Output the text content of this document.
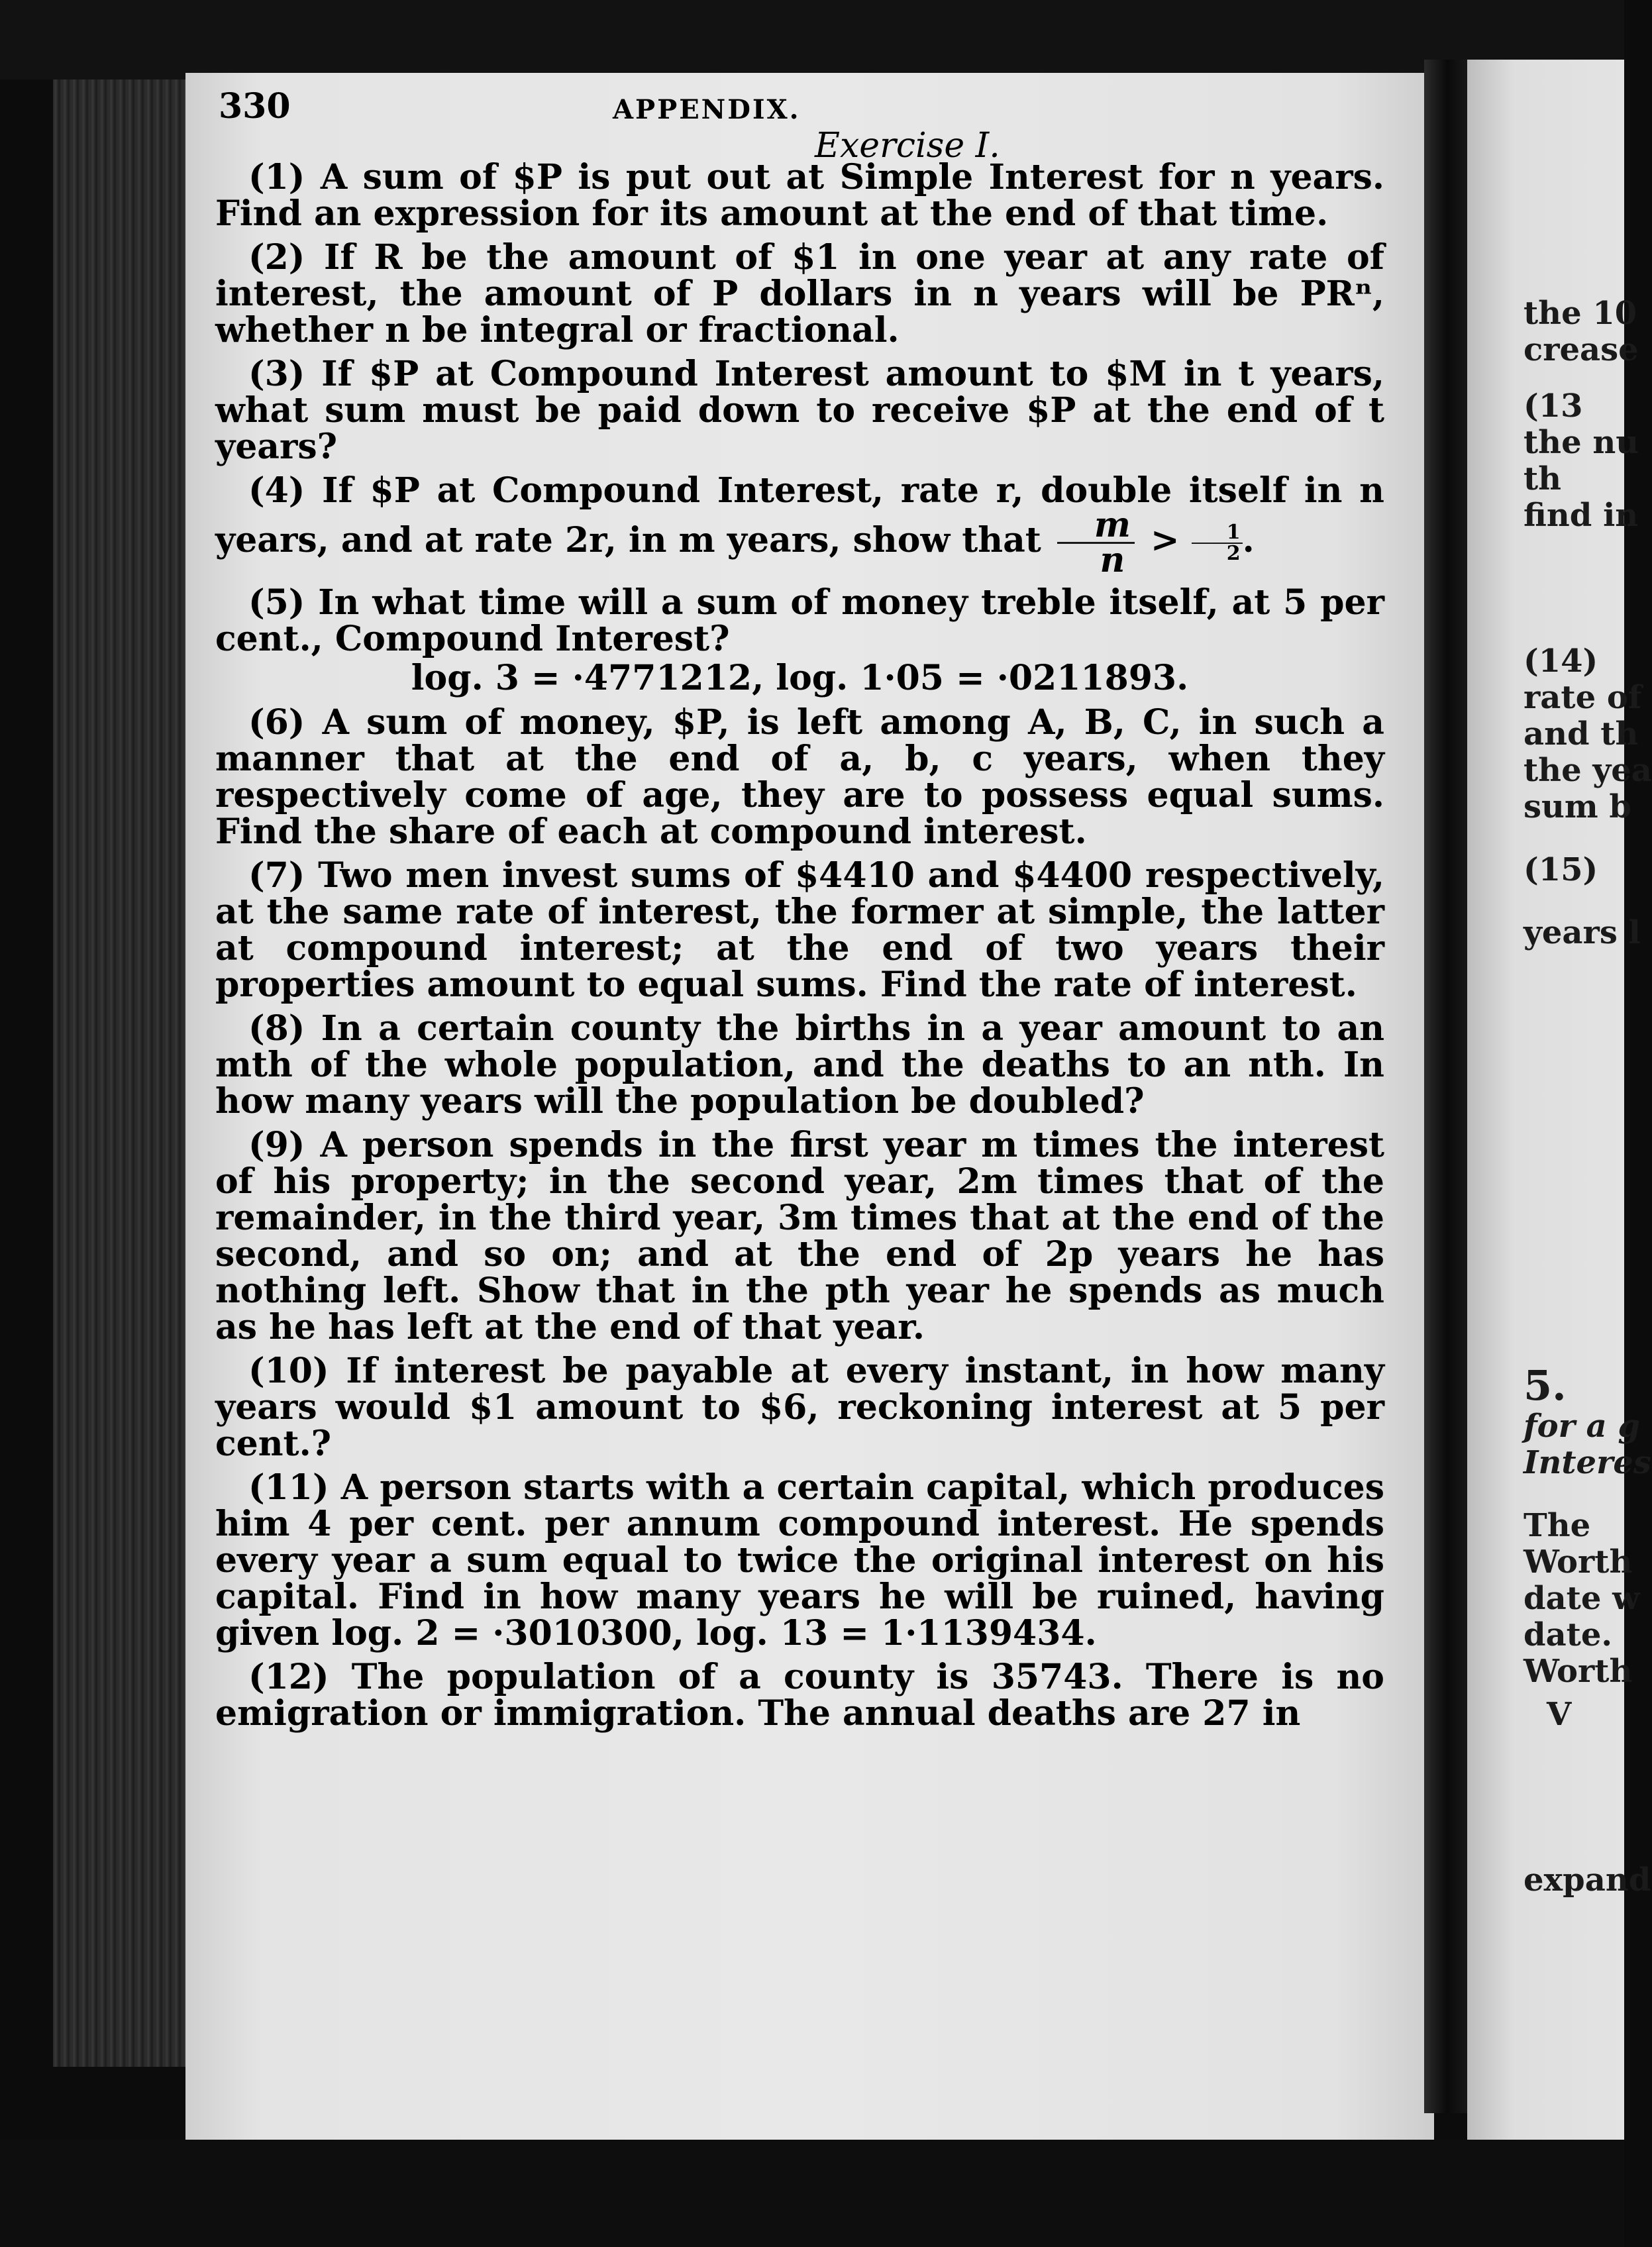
330	APPENDIX.
Exercise I.

(1) A sum of $P is put out at Simple Interest for n years. Find an expression for its amount at the end of that time.

(2) If R be the amount of $1 in one year at any rate of interest, the amount of P dollars in n years will be PRⁿ, whether n be integral or fractional.

(3) If $P at Compound Interest amount to $M in t years, what sum must be paid down to receive $P at the end of t years?

(4) If $P at Compound Interest, rate r, double itself in n years, and at rate 2r, in m years, show that $\frac{m}{n} > \frac{1}{2}$ .

(5) In what time will a sum of money treble itself, at 5 per cent., Compound Interest?

log. 3 = ·4771212, log. 1·05 = ·0211893.

(6) A sum of money, $P, is left among A, B, C, in such a manner that at the end of a, b, c years, when they respectively come of age, they are to possess equal sums. Find the share of each at compound interest.

(7) Two men invest sums of $4410 and $4400 respectively, at the same rate of interest, the former at simple, the latter at compound interest; at the end of two years their properties amount to equal sums. Find the rate of interest.

(8) In a certain county the births in a year amount to an mth of the whole population, and the deaths to an nth. In how many years will the population be doubled?

(9) A person spends in the first year m times the interest of his property; in the second year, 2m times that of the remainder, in the third year, 3m times that at the end of the second, and so on; and at the end of 2p years he has nothing left. Show that in the pth year he spends as much as he has left at the end of that year.

(10) If interest be payable at every instant, in how many years would $1 amount to $6, reckoning interest at 5 per cent.?

(11) A person starts with a certain capital, which produces him 4 per cent. per annum compound interest. He spends every year a sum equal to twice the original interest on his capital. Find in how many years he will be ruined, having given log. 2 = ·3010300, log. 13 = 1·1139434.

(12) The population of a county is 35743. There is no emigration or immigration. The annual deaths are 27 in

the 10
crease
(13
the nu
th
find in
(14)
rate of
and th
the yea
sum b
(15)
years l
5.
for a g
Interes
The
Worth
date w
date.
Worth
V
expand
